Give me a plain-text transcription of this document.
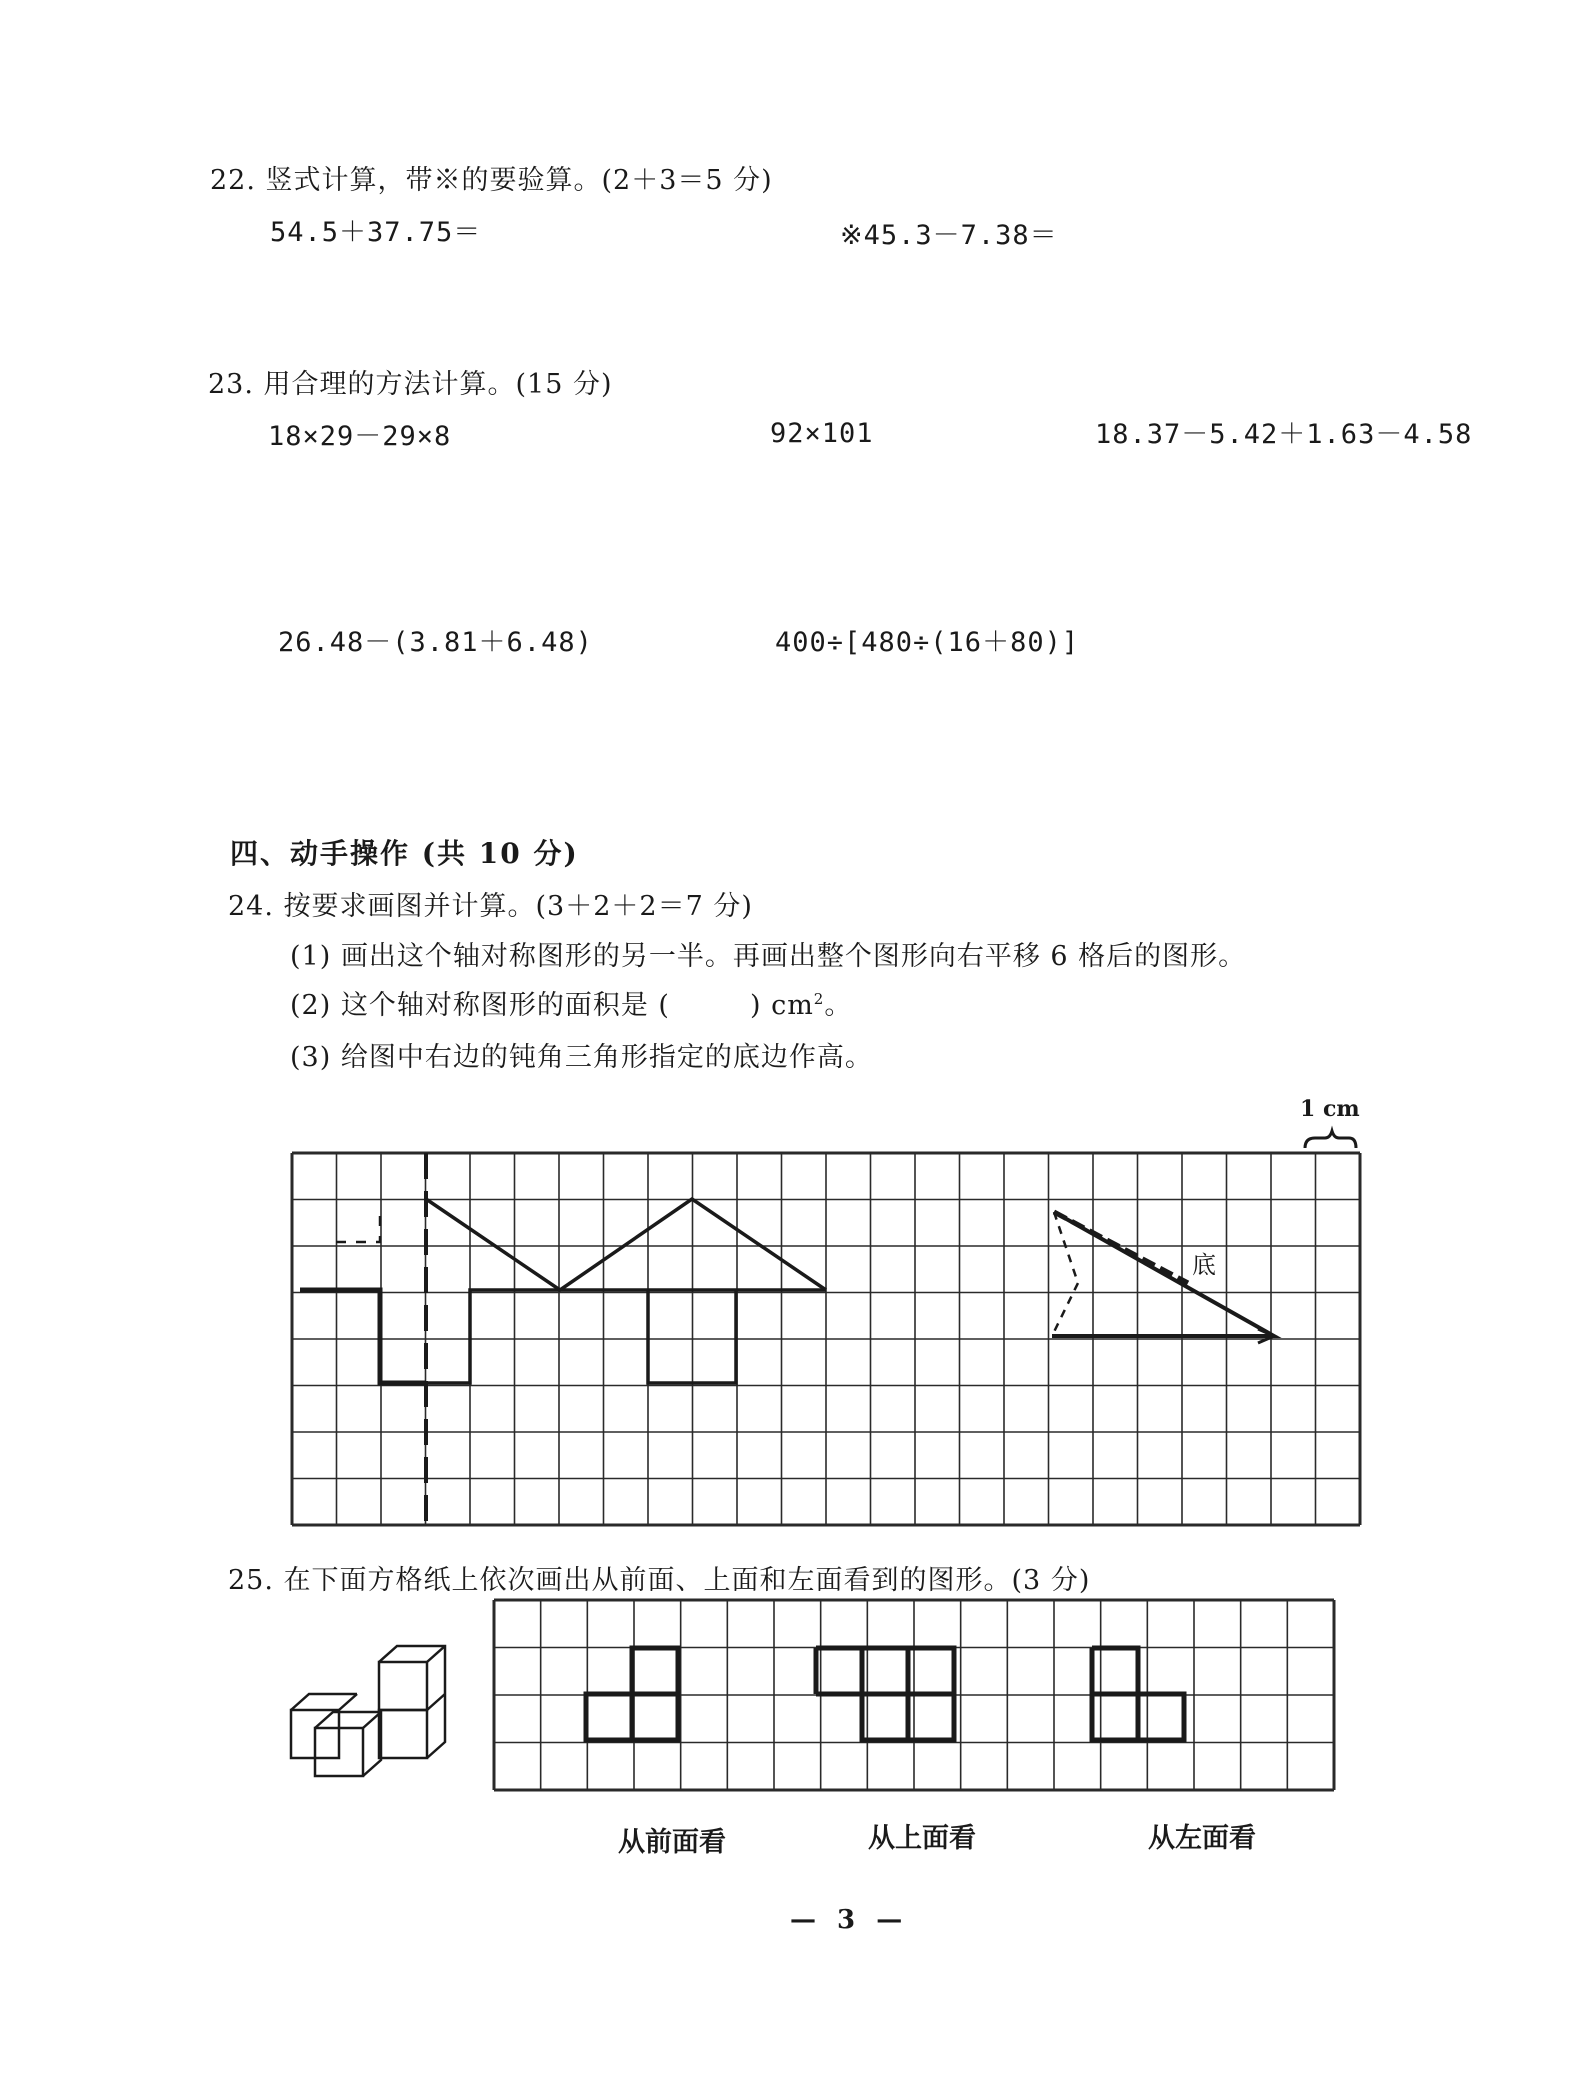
22. 竖式计算，带※的要验算。(2＋3＝5 分)
54.5＋37.75＝	※45.3－7.38＝
23. 用合理的方法计算。(15 分)
18×29－29×8	92×101	18.37－5.42＋1.63－4.58
26.48－(3.81＋6.48)	400÷[480÷(16＋80)]
四、动手操作 (共 10 分)
24. 按要求画图并计算。(3＋2＋2＝7 分)
(1) 画出这个轴对称图形的另一半。再画出整个图形向右平移 6 格后的图形。
(2) 这个轴对称图形的面积是 (	) $cm^2$。
(3) 给图中右边的钝角三角形指定的底边作高。
1 cm
底
25. 在下面方格纸上依次画出从前面、上面和左面看到的图形。(3 分)
从前面看	从上面看	从左面看
— 3 —
